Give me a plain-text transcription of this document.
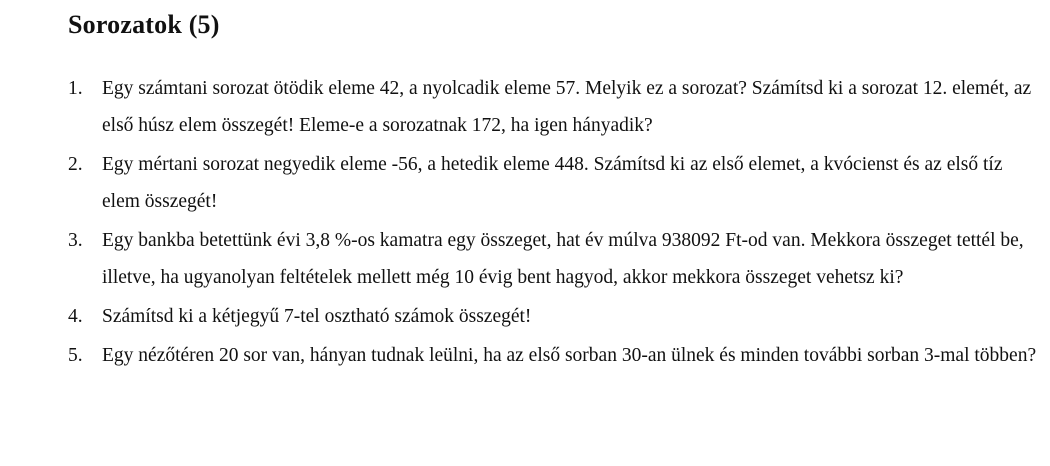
Sorozatok (5)
1. Egy számtani sorozat ötödik eleme 42, a nyolcadik eleme 57. Melyik ez a sorozat? Számítsd ki a sorozat 12. elemét, az első húsz elem összegét! Eleme-e a sorozatnak 172, ha igen hányadik?
2. Egy mértani sorozat negyedik eleme -56, a hetedik eleme 448. Számítsd ki az első elemet, a kvócienst és az első tíz elem összegét!
3. Egy bankba betettünk évi 3,8 %-os kamatra egy összeget, hat év múlva 938092 Ft-od van. Mekkora összeget tettél be, illetve, ha ugyanolyan feltételek mellett még 10 évig bent hagyod, akkor mekkora összeget vehetsz ki?
4. Számítsd ki a kétjegyű 7-tel osztható számok összegét!
5. Egy nézőtéren 20 sor van, hányan tudnak leülni, ha az első sorban 30-an ülnek és minden további sorban 3-mal többen?
